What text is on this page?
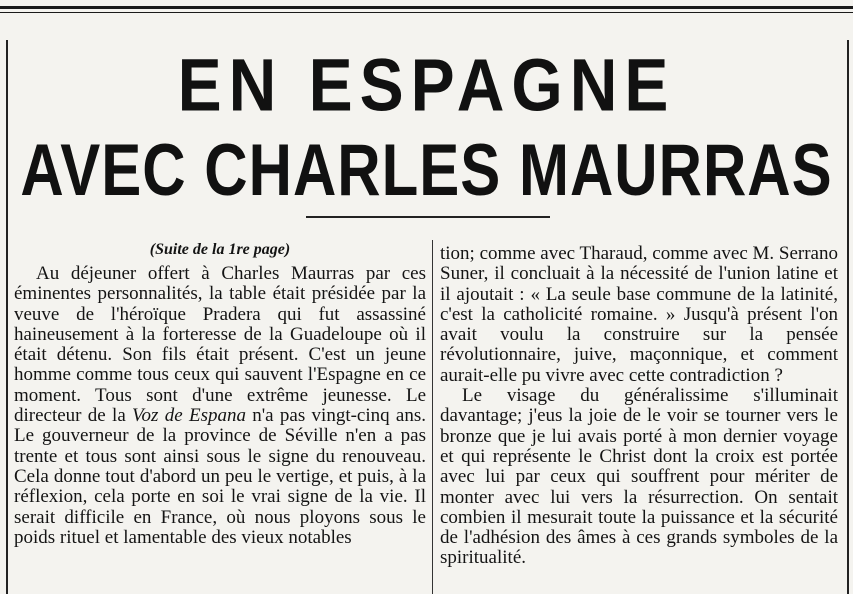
EN ESPAGNE
AVEC CHARLES MAURRAS
(Suite de la 1re page)

Au déjeuner offert à Charles Maurras par ces éminentes personnalités, la table était présidée par la veuve de l'héroïque Pradera qui fut assassiné haineusement à la forteresse de la Guadeloupe où il était détenu. Son fils était présent. C'est un jeune homme comme tous ceux qui sauvent l'Espagne en ce moment. Tous sont d'une extrême jeunesse. Le directeur de la Voz de Espana n'a pas vingt-cinq ans. Le gouverneur de la province de Séville n'en a pas trente et tous sont ainsi sous le signe du renouveau. Cela donne tout d'abord un peu le vertige, et puis, à la réflexion, cela porte en soi le vrai signe de la vie. Il serait difficile en France, où nous ployons sous le poids rituel et lamentable des vieux notables

tion; comme avec Tharaud, comme avec M. Serrano Suner, il concluait à la nécessité de l'union latine et il ajoutait : « La seule base commune de la latinité, c'est la catholicité romaine. » Jusqu'à présent l'on avait voulu la construire sur la pensée révolutionnaire, juive, maçonnique, et comment aurait-elle pu vivre avec cette contradiction ?

Le visage du généralissime s'illuminait davantage; j'eus la joie de le voir se tourner vers le bronze que je lui avais porté à mon dernier voyage et qui représente le Christ dont la croix est portée avec lui par ceux qui souffrent pour mériter de monter avec lui vers la résurrection. On sentait combien il mesurait toute la puissance et la sécurité de l'adhésion des âmes à ces grands symboles de la spiritualité.
